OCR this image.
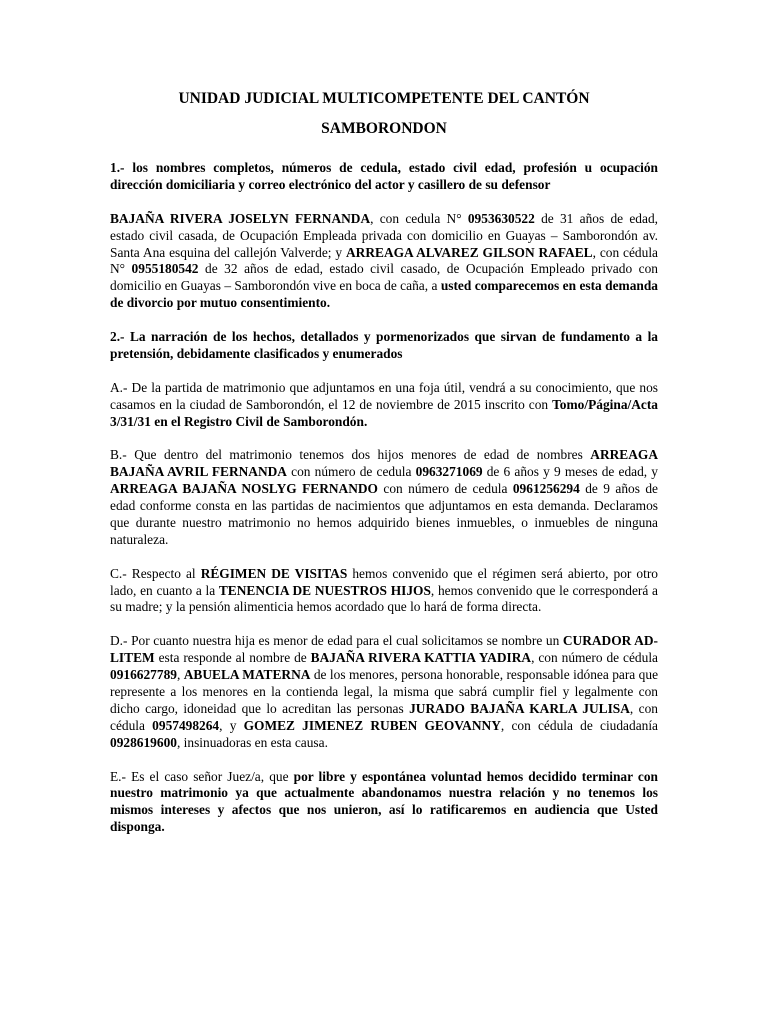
UNIDAD JUDICIAL MULTICOMPETENTE DEL CANTÓN
SAMBORONDON

1.- los nombres completos, números de cedula, estado civil edad, profesión u ocupación dirección domiciliaria y correo electrónico del actor y casillero de su defensor

BAJAÑA RIVERA JOSELYN FERNANDA, con cedula N° 0953630522 de 31 años de edad, estado civil casada, de Ocupación Empleada privada con domicilio en Guayas – Samborondón av. Santa Ana esquina del callejón Valverde; y ARREAGA ALVAREZ GILSON RAFAEL, con cédula N° 0955180542 de 32 años de edad, estado civil casado, de Ocupación Empleado privado con domicilio en Guayas – Samborondón vive en boca de caña, a usted comparecemos en esta demanda de divorcio por mutuo consentimiento.

2.- La narración de los hechos, detallados y pormenorizados que sirvan de fundamento a la pretensión, debidamente clasificados y enumerados

A.- De la partida de matrimonio que adjuntamos en una foja útil, vendrá a su conocimiento, que nos casamos en la ciudad de Samborondón, el 12 de noviembre de 2015 inscrito con Tomo/Página/Acta 3/31/31 en el Registro Civil de Samborondón.

B.- Que dentro del matrimonio tenemos dos hijos menores de edad de nombres ARREAGA BAJAÑA AVRIL FERNANDA con número de cedula 0963271069 de 6 años y 9 meses de edad, y ARREAGA BAJAÑA NOSLYG FERNANDO con número de cedula 0961256294 de 9 años de edad conforme consta en las partidas de nacimientos que adjuntamos en esta demanda. Declaramos que durante nuestro matrimonio no hemos adquirido bienes inmuebles, o inmuebles de ninguna naturaleza.

C.- Respecto al RÉGIMEN DE VISITAS hemos convenido que el régimen será abierto, por otro lado, en cuanto a la TENENCIA DE NUESTROS HIJOS, hemos convenido que le corresponderá a su madre; y la pensión alimenticia hemos acordado que lo hará de forma directa.

D.- Por cuanto nuestra hija es menor de edad para el cual solicitamos se nombre un CURADOR AD-LITEM esta responde al nombre de BAJAÑA RIVERA KATTIA YADIRA, con número de cédula 0916627789, ABUELA MATERNA de los menores, persona honorable, responsable idónea para que represente a los menores en la contienda legal, la misma que sabrá cumplir fiel y legalmente con dicho cargo, idoneidad que lo acreditan las personas JURADO BAJAÑA KARLA JULISA, con cédula 0957498264, y GOMEZ JIMENEZ RUBEN GEOVANNY, con cédula de ciudadanía 0928619600, insinuadoras en esta causa.

E.- Es el caso señor Juez/a, que por libre y espontánea voluntad hemos decidido terminar con nuestro matrimonio ya que actualmente abandonamos nuestra relación y no tenemos los mismos intereses y afectos que nos unieron, así lo ratificaremos en audiencia que Usted disponga.
